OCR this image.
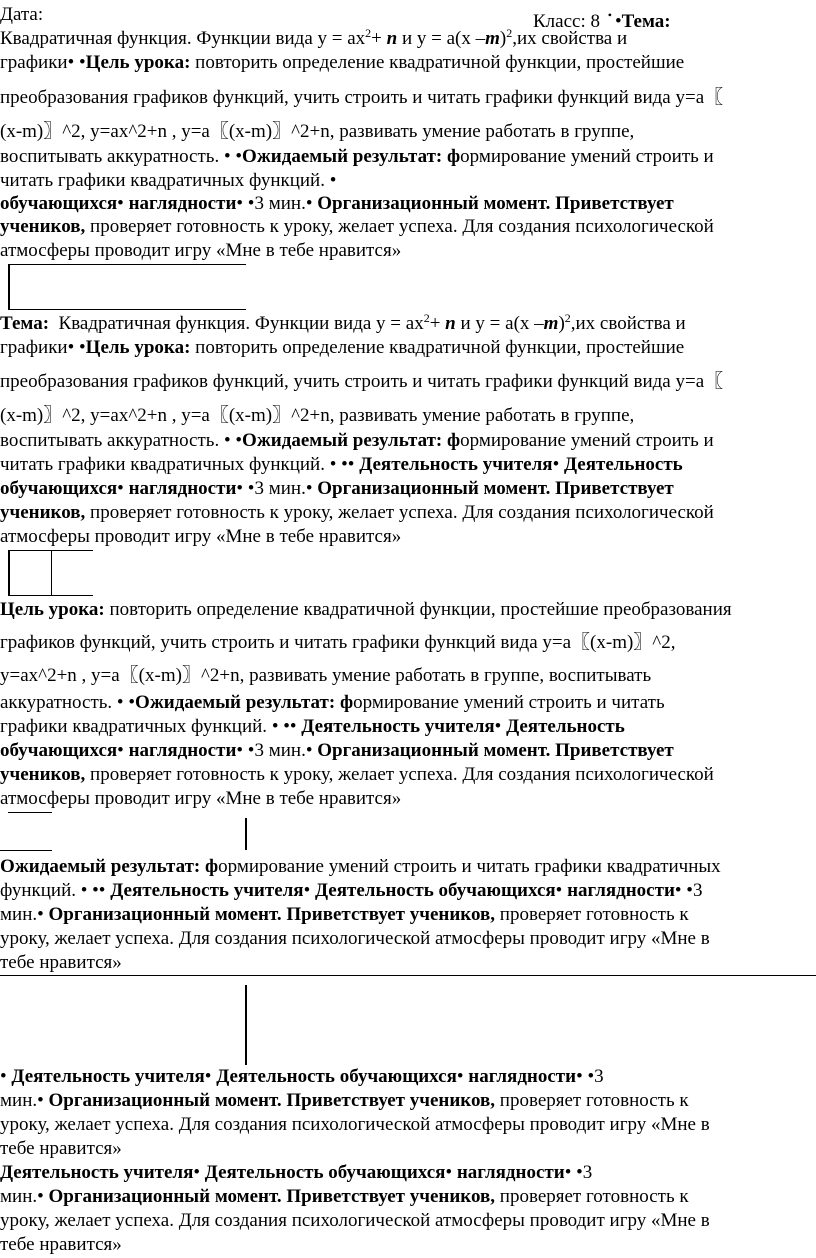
Дата:	Класс: 8  • •Тема:
Квадратичная функция. Функции вида $у = ах^2+ n$ и у = а(х –m)$^2$,их свойства и
графики• •Цель урока: повторить определение квадратичной функции, простейшие
преобразования графиков функций, учить строить и читать графики функций вида у=а〖
(x-m)〗^2, y=ax^2+n , y=a〖(x-m)〗^2+n, развивать умение работать в группе,
воспитывать аккуратность. • •Ожидаемый результат: формирование умений строить и
читать графики квадратичных функций. •
обучающихся• наглядности• •3 мин.• Организационный момент. Приветствует
учеников, проверяет готовность к уроку, желает успеха. Для создания психологической
атмосферы проводит игру «Мне в тебе нравится»
Тема: Квадратичная функция. Функции вида $у = ах^2+ n$ и у = а(х –m)$^2$,их свойства и
графики• •Цель урока: повторить определение квадратичной функции, простейшие
преобразования графиков функций, учить строить и читать графики функций вида у=а〖
(x-m)〗^2, y=ax^2+n , y=a〖(x-m)〗^2+n, развивать умение работать в группе,
воспитывать аккуратность. • •Ожидаемый результат: формирование умений строить и
читать графики квадратичных функций. • •• Деятельность учителя• Деятельность
обучающихся• наглядности• •3 мин.• Организационный момент. Приветствует
учеников, проверяет готовность к уроку, желает успеха. Для создания психологической
атмосферы проводит игру «Мне в тебе нравится»
Цель урока: повторить определение квадратичной функции, простейшие преобразования
графиков функций, учить строить и читать графики функций вида у=а〖(x-m)〗^2,
y=ax^2+n , y=a〖(x-m)〗^2+n, развивать умение работать в группе, воспитывать
аккуратность. • •Ожидаемый результат: формирование умений строить и читать
графики квадратичных функций. • •• Деятельность учителя• Деятельность
обучающихся• наглядности• •3 мин.• Организационный момент. Приветствует
учеников, проверяет готовность к уроку, желает успеха. Для создания психологической
атмосферы проводит игру «Мне в тебе нравится»
Ожидаемый результат: формирование умений строить и читать графики квадратичных
функций. • •• Деятельность учителя• Деятельность обучающихся• наглядности• •3
мин.• Организационный момент. Приветствует учеников, проверяет готовность к
уроку, желает успеха. Для создания психологической атмосферы проводит игру «Мне в
тебе нравится»
• Деятельность учителя• Деятельность обучающихся• наглядности• •3
мин.• Организационный момент. Приветствует учеников, проверяет готовность к
уроку, желает успеха. Для создания психологической атмосферы проводит игру «Мне в
тебе нравится»
Деятельность учителя• Деятельность обучающихся• наглядности• •3
мин.• Организационный момент. Приветствует учеников, проверяет готовность к
уроку, желает успеха. Для создания психологической атмосферы проводит игру «Мне в
тебе нравится»
